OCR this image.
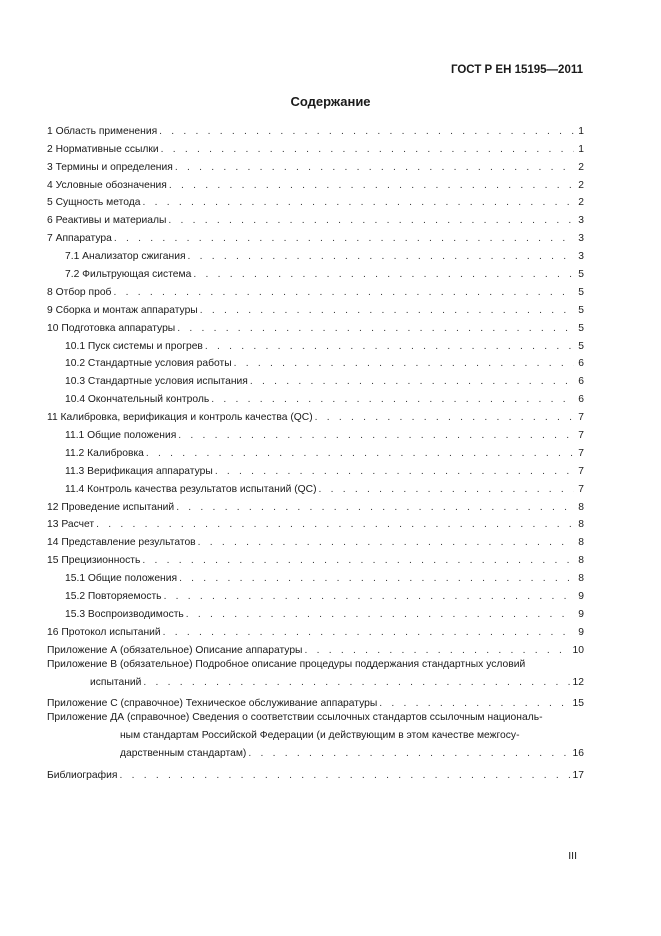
ГОСТ Р ЕН 15195—2011
Содержание
1 Область применения . . .	1
2 Нормативные ссылки . . .	1
3 Термины и определения . . .	2
4 Условные обозначения . . .	2
5 Сущность метода . . .	2
6 Реактивы и материалы . . .	3
7 Аппаратура . . .	3
7.1 Анализатор сжигания . . .	3
7.2 Фильтрующая система . . .	5
8 Отбор проб . . .	5
9 Сборка и монтаж аппаратуры . . .	5
10 Подготовка аппаратуры . . .	5
10.1 Пуск системы и прогрев . . .	5
10.2 Стандартные условия работы . . .	6
10.3 Стандартные условия испытания . . .	6
10.4 Окончательный контроль . . .	6
11 Калибровка, верификация и контроль качества (QC) . . .	7
11.1 Общие положения . . .	7
11.2 Калибровка . . .	7
11.3 Верификация аппаратуры . . .	7
11.4 Контроль качества результатов испытаний (QC) . . .	7
12 Проведение испытаний . . .	8
13 Расчет . . .	8
14 Представление результатов . . .	8
15 Прецизионность . . .	8
15.1 Общие положения . . .	8
15.2 Повторяемость . . .	9
15.3 Воспроизводимость . . .	9
16 Протокол испытаний . . .	9
Приложение А (обязательное) Описание аппаратуры . . .	10
Приложение В (обязательное) Подробное описание процедуры поддержания стандартных условий
испытаний . . .	12
Приложение С (справочное) Техническое обслуживание аппаратуры . . .	15
Приложение ДА (справочное) Сведения о соответствии ссылочных стандартов ссылочным националь-
ным стандартам Российской Федерации (и действующим в этом качестве межгосу-
дарственным стандартам) . . .	16
Библиография . . .	17
III
